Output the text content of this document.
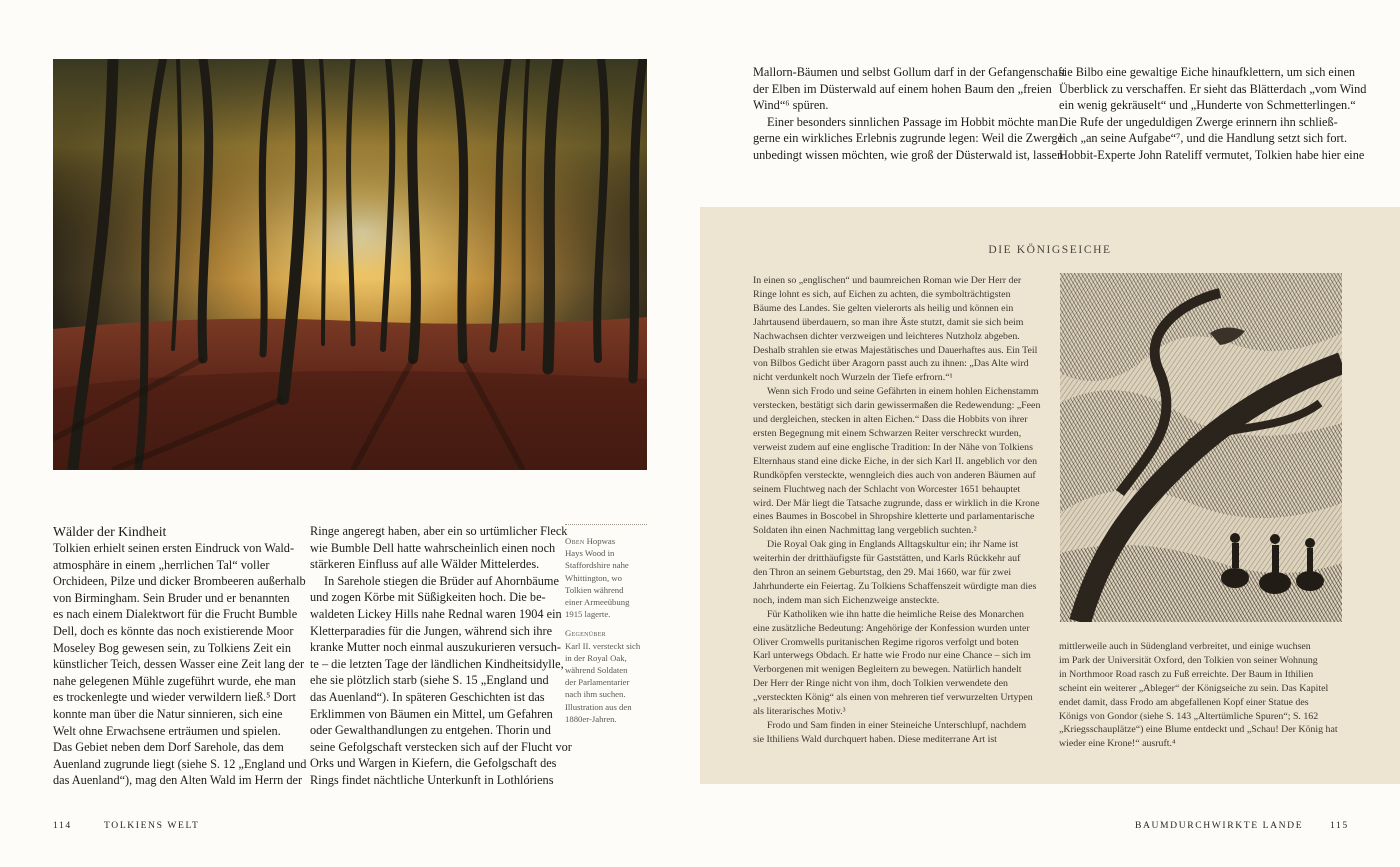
Wälder der Kindheit
Tolkien erhielt seinen ersten Eindruck von Wald-
atmosphäre in einem „herrlichen Tal“ voller
Orchideen, Pilze und dicker Brombeeren außerhalb
von Birmingham. Sein Bruder und er benannten
es nach einem Dialektwort für die Frucht Bumble
Dell, doch es könnte das noch existierende Moor
Moseley Bog gewesen sein, zu Tolkiens Zeit ein
künstlicher Teich, dessen Wasser eine Zeit lang der
nahe gelegenen Mühle zugeführt wurde, ehe man
es trockenlegte und wieder verwildern ließ.⁵ Dort
konnte man über die Natur sinnieren, sich eine
Welt ohne Erwachsene erträumen und spielen.
Das Gebiet neben dem Dorf Sarehole, das dem
Auenland zugrunde liegt (siehe S. 12 „England und
das Auenland“), mag den Alten Wald im Herrn der
Ringe angeregt haben, aber ein so urtümlicher Fleck
wie Bumble Dell hatte wahrscheinlich einen noch
stärkeren Einfluss auf alle Wälder Mittelerdes.
In Sarehole stiegen die Brüder auf Ahornbäume
und zogen Körbe mit Süßigkeiten hoch. Die be-
waldeten Lickey Hills nahe Rednal waren 1904 ein
Kletterparadies für die Jungen, während sich ihre
kranke Mutter noch einmal auszukurieren versuch-
te – die letzten Tage der ländlichen Kindheitsidylle,
ehe sie plötzlich starb (siehe S. 15 „England und
das Auenland“). In späteren Geschichten ist das
Erklimmen von Bäumen ein Mittel, um Gefahren
oder Gewalthandlungen zu entgehen. Thorin und
seine Gefolgschaft verstecken sich auf der Flucht vor
Orks und Wargen in Kiefern, die Gefolgschaft des
Rings findet nächtliche Unterkunft in Lothlóriens
Oben Hopwas
Hays Wood in
Staffordshire nahe
Whittington, wo
Tolkien während
einer Armeeübung
1915 lagerte.
Gegenüber
Karl II. versteckt sich
in der Royal Oak,
während Soldaten
der Parlamentarier
nach ihm suchen.
Illustration aus den
1880er-Jahren.
Mallorn-Bäumen und selbst Gollum darf in der Gefangenschaft
der Elben im Düsterwald auf einem hohen Baum den „freien
Wind“⁶ spüren.
Einer besonders sinnlichen Passage im Hobbit möchte man
gerne ein wirkliches Erlebnis zugrunde legen: Weil die Zwerge
unbedingt wissen möchten, wie groß der Düsterwald ist, lassen
sie Bilbo eine gewaltige Eiche hinaufklettern, um sich einen
Überblick zu verschaffen. Er sieht das Blätterdach „vom Wind
ein wenig gekräuselt“ und „Hunderte von Schmetterlingen.“
Die Rufe der ungeduldigen Zwerge erinnern ihn schließ-
lich „an seine Aufgabe“⁷, und die Handlung setzt sich fort.
Hobbit-Experte John Rateliff vermutet, Tolkien habe hier eine
DIE KÖNIGSEICHE
In einen so „englischen“ und baumreichen Roman wie Der Herr der
Ringe lohnt es sich, auf Eichen zu achten, die symbolträchtigsten
Bäume des Landes. Sie gelten vielerorts als heilig und können ein
Jahrtausend überdauern, so man ihre Äste stutzt, damit sie sich beim
Nachwachsen dichter verzweigen und leichteres Nutzholz abgeben.
Deshalb strahlen sie etwas Majestätisches und Dauerhaftes aus. Ein Teil
von Bilbos Gedicht über Aragorn passt auch zu ihnen: „Das Alte wird
nicht verdunkelt noch Wurzeln der Tiefe erfrorn.“¹
Wenn sich Frodo und seine Gefährten in einem hohlen Eichenstamm
verstecken, bestätigt sich darin gewissermaßen die Redewendung: „Feen
und dergleichen, stecken in alten Eichen.“ Dass die Hobbits von ihrer
ersten Begegnung mit einem Schwarzen Reiter verschreckt wurden,
verweist zudem auf eine englische Tradition: In der Nähe von Tolkiens
Elternhaus stand eine dicke Eiche, in der sich Karl II. angeblich vor den
Rundköpfen versteckte, wenngleich dies auch von anderen Bäumen auf
seinem Fluchtweg nach der Schlacht von Worcester 1651 behauptet
wird. Der Mär liegt die Tatsache zugrunde, dass er wirklich in die Krone
eines Baumes in Boscobel in Shropshire kletterte und parlamentarische
Soldaten ihn einen Nachmittag lang vergeblich suchten.²
Die Royal Oak ging in Englands Alltagskultur ein; ihr Name ist
weiterhin der dritthäufigste für Gaststätten, und Karls Rückkehr auf
den Thron an seinem Geburtstag, den 29. Mai 1660, war für zwei
Jahrhunderte ein Feiertag. Zu Tolkiens Schaffenszeit würdigte man dies
noch, indem man sich Eichenzweige ansteckte.
Für Katholiken wie ihn hatte die heimliche Reise des Monarchen
eine zusätzliche Bedeutung: Angehörige der Konfession wurden unter
Oliver Cromwells puritanischen Regime rigoros verfolgt und boten
Karl unterwegs Obdach. Er hatte wie Frodo nur eine Chance – sich im
Verborgenen mit wenigen Begleitern zu bewegen. Natürlich handelt
Der Herr der Ringe nicht von ihm, doch Tolkien verwendete den
„versteckten König“ als einen von mehreren tief verwurzelten Urtypen
als literarisches Motiv.³
Frodo und Sam finden in einer Steineiche Unterschlupf, nachdem
sie Ithiliens Wald durchquert haben. Diese mediterrane Art ist
mittlerweile auch in Südengland verbreitet, und einige wuchsen
im Park der Universität Oxford, den Tolkien von seiner Wohnung
in Northmoor Road rasch zu Fuß erreichte. Der Baum in Ithilien
scheint ein weiterer „Ableger“ der Königseiche zu sein. Das Kapitel
endet damit, dass Frodo am abgefallenen Kopf einer Statue des
Königs von Gondor (siehe S. 143 „Altertümliche Spuren“; S. 162
„Kriegsschauplätze“) eine Blume entdeckt und „Schau! Der König hat
wieder eine Krone!“ ausruft.⁴
114	TOLKIENS WELT	BAUMDURCHWIRKTE LANDE	115
